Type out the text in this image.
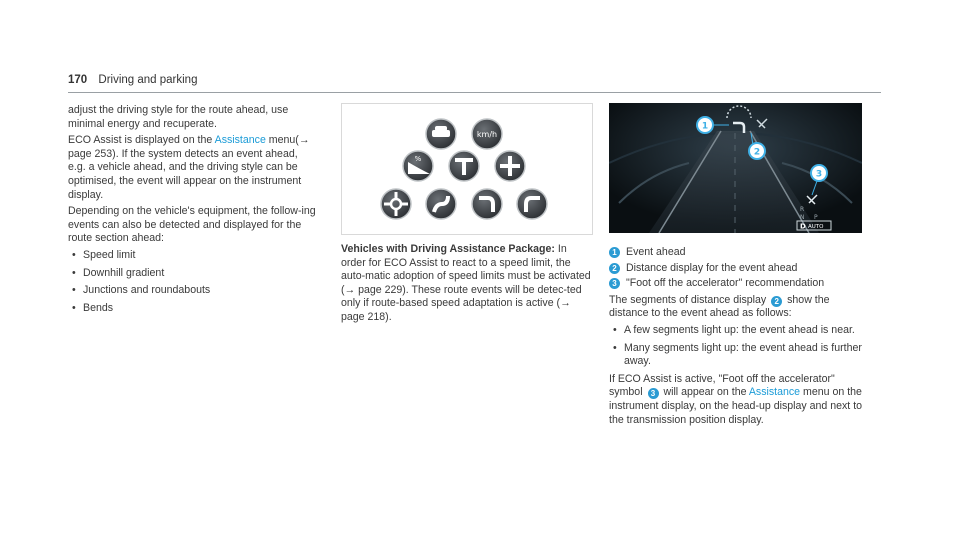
170 Driving and parking

adjust the driving style for the route ahead, use minimal energy and recuperate.

ECO Assist is displayed on the Assistance menu(→ page 253). If the system detects an event ahead, e.g. a vehicle ahead, and the driving style can be optimised, the event will appear on the instrument display.

Depending on the vehicle's equipment, the follow-ing events can also be detected and displayed for the route section ahead:

• Speed limit
• Downhill gradient
• Junctions and roundabouts
• Bends
km/h
%

Vehicles with Driving Assistance Package: In order for ECO Assist to react to a speed limit, the auto-matic adoption of speed limits must be activated (→ page 229). These route events will be detec-ted only if route-based speed adaptation is active (→ page 218).

1
2
3
R
N P
D AUTO
1 Event ahead
2 Distance display for the event ahead
3 "Foot off the accelerator" recommendation

The segments of distance display 2 show the distance to the event ahead as follows:

• A few segments light up: the event ahead is near.
• Many segments light up: the event ahead is further away.

If ECO Assist is active, "Foot off the accelerator" symbol 3 will appear on the Assistance menu on the instrument display, on the head-up display and next to the transmission position display.
